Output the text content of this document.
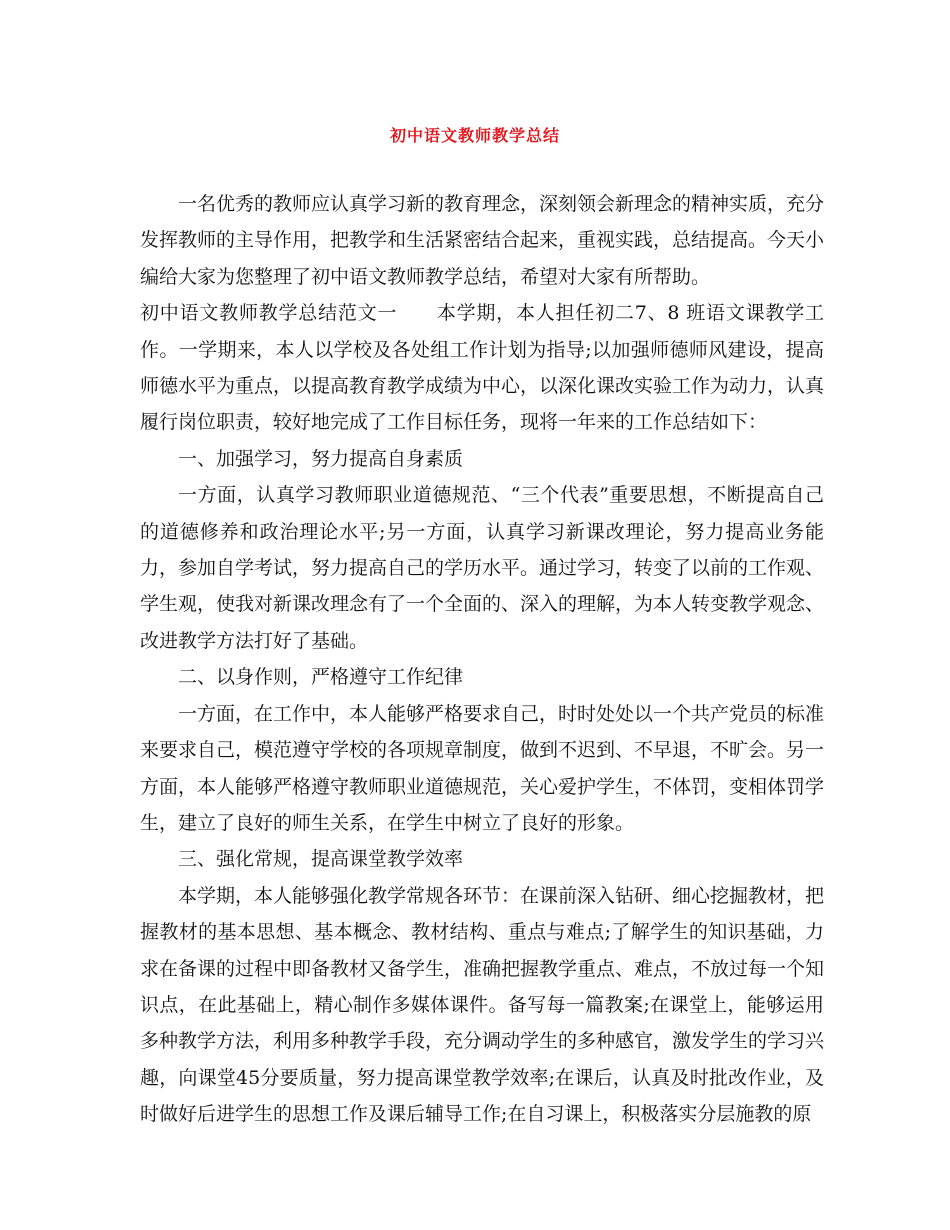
初中语文教师教学总结

一名优秀的教师应认真学习新的教育理念，深刻领会新理念的精神实质，充分发挥教师的主导作用，把教学和生活紧密结合起来，重视实践，总结提高。今天小编给大家为您整理了初中语文教师教学总结，希望对大家有所帮助。

初中语文教师教学总结范文一　　本学期，本人担任初二7、8 班语文课教学工作。一学期来，本人以学校及各处组工作计划为指导;以加强师德师风建设，提高师德水平为重点，以提高教育教学成绩为中心，以深化课改实验工作为动力，认真履行岗位职责，较好地完成了工作目标任务，现将一年来的工作总结如下：

一、加强学习，努力提高自身素质

一方面，认真学习教师职业道德规范、“三个代表”重要思想，不断提高自己的道德修养和政治理论水平;另一方面，认真学习新课改理论，努力提高业务能力，参加自学考试，努力提高自己的学历水平。通过学习，转变了以前的工作观、学生观，使我对新课改理念有了一个全面的、深入的理解，为本人转变教学观念、改进教学方法打好了基础。

二、以身作则，严格遵守工作纪律

一方面，在工作中，本人能够严格要求自己，时时处处以一个共产党员的标准来要求自己，模范遵守学校的各项规章制度，做到不迟到、不早退，不旷会。另一方面，本人能够严格遵守教师职业道德规范，关心爱护学生，不体罚，变相体罚学生，建立了良好的师生关系，在学生中树立了良好的形象。

三、强化常规，提高课堂教学效率

本学期，本人能够强化教学常规各环节：在课前深入钻研、细心挖掘教材，把握教材的基本思想、基本概念、教材结构、重点与难点;了解学生的知识基础，力求在备课的过程中即备教材又备学生，准确把握教学重点、难点，不放过每一个知识点，在此基础上，精心制作多媒体课件。备写每一篇教案;在课堂上，能够运用多种教学方法，利用多种教学手段，充分调动学生的多种感官，激发学生的学习兴趣，向课堂45分要质量，努力提高课堂教学效率;在课后，认真及时批改作业，及时做好后进学生的思想工作及课后辅导工作;在自习课上，积极落实分层施教的原
